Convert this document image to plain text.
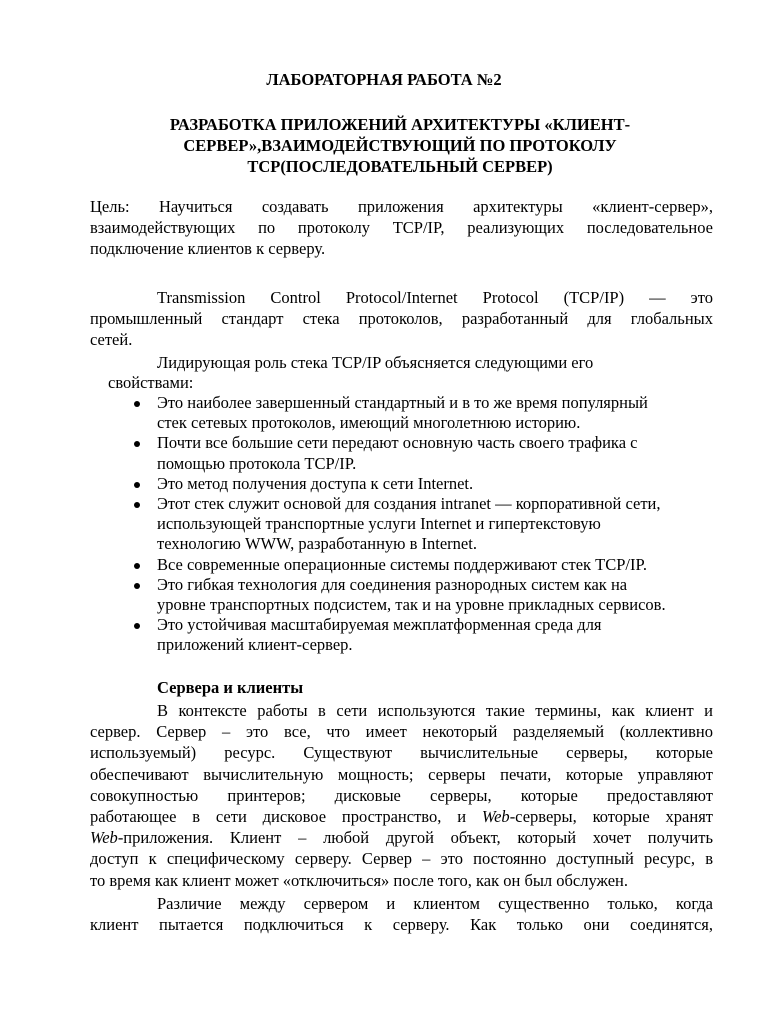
ЛАБОРАТОРНАЯ РАБОТА №2
РАЗРАБОТКА ПРИЛОЖЕНИЙ АРХИТЕКТУРЫ «КЛИЕНТ-
СЕРВЕР»,ВЗАИМОДЕЙСТВУЮЩИЙ ПО ПРОТОКОЛУ
TCP(ПОСЛЕДОВАТЕЛЬНЫЙ СЕРВЕР)
Цель: Научиться создавать приложения архитектуры «клиент-сервер»,
взаимодействующих по протоколу TCP/IP, реализующих последовательное
подключение клиентов к серверу.
Transmission Control Protocol/Internet Protocol (TCP/IP) — это
промышленный стандарт стека протоколов, разработанный для глобальных
сетей.
Лидирующая роль стека TCP/IP объясняется следующими его
свойствами:
Это наиболее завершенный стандартный и в то же время популярный
стек сетевых протоколов, имеющий многолетнюю историю.
Почти все большие сети передают основную часть своего трафика с
помощью протокола TCP/IP.
Это метод получения доступа к сети Internet.
Этот стек служит основой для создания intranet — корпоративной сети,
использующей транспортные услуги Internet и гипертекстовую
технологию WWW, разработанную в Internet.
Все современные операционные системы поддерживают стек TCP/IP.
Это гибкая технология для соединения разнородных систем как на
уровне транспортных подсистем, так и на уровне прикладных сервисов.
Это устойчивая масштабируемая межплатформенная среда для
приложений клиент-сервер.
Сервера и клиенты
В контексте работы в сети используются такие термины, как клиент и
сервер. Сервер – это все, что имеет некоторый разделяемый (коллективно
используемый) ресурс. Существуют вычислительные серверы, которые
обеспечивают вычислительную мощность; серверы печати, которые управляют
совокупностью принтеров; дисковые серверы, которые предоставляют
работающее в сети дисковое пространство, и Web-серверы, которые хранят
Web-приложения. Клиент – любой другой объект, который хочет получить
доступ к специфическому серверу. Сервер – это постоянно доступный ресурс, в
то время как клиент может «отключиться» после того, как он был обслужен.
Различие между сервером и клиентом существенно только, когда
клиент пытается подключиться к серверу. Как только они соединятся,
